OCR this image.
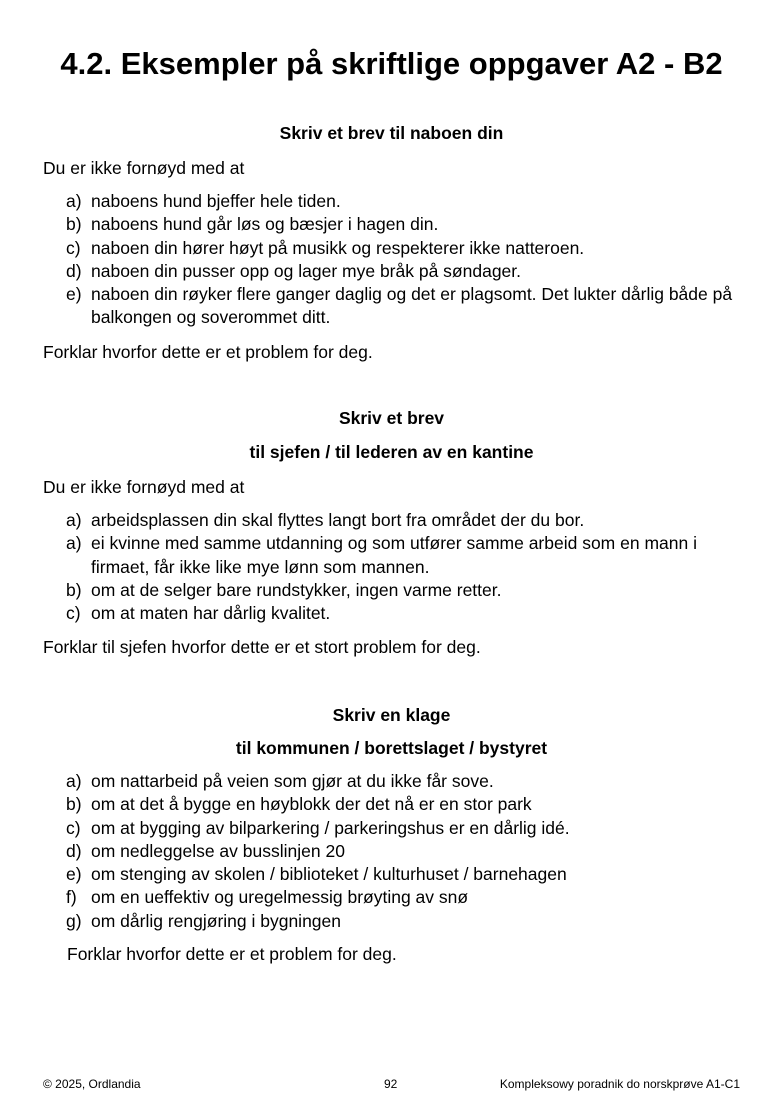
4.2. Eksempler på skriftlige oppgaver A2 - B2
Skriv et brev til naboen din

Du er ikke fornøyd med at

a) naboens hund bjeffer hele tiden.
b) naboens hund går løs og bæsjer i hagen din.
c) naboen din hører høyt på musikk og respekterer ikke natteroen.
d) naboen din pusser opp og lager mye bråk på søndager.
e) naboen din røyker flere ganger daglig og det er plagsomt. Det lukter dårlig både på balkongen og soverommet ditt.

Forklar hvorfor dette er et problem for deg.

Skriv et brev
til sjefen / til lederen av en kantine

Du er ikke fornøyd med at

a) arbeidsplassen din skal flyttes langt bort fra området der du bor.
a) ei kvinne med samme utdanning og som utfører samme arbeid som en mann i firmaet, får ikke like mye lønn som mannen.
b) om at de selger bare rundstykker, ingen varme retter.
c) om at maten har dårlig kvalitet.

Forklar til sjefen hvorfor dette er et stort problem for deg.

Skriv en klage
til kommunen / borettslaget / bystyret
a) om nattarbeid på veien som gjør at du ikke får sove.
b) om at det å bygge en høyblokk der det nå er en stor park
c) om at bygging av bilparkering / parkeringshus er en dårlig idé.
d) om nedleggelse av busslinjen 20
e) om stenging av skolen / biblioteket / kulturhuset / barnehagen
f) om en ueffektiv og uregelmessig brøyting av snø
g) om dårlig rengjøring i bygningen

Forklar hvorfor dette er et problem for deg.

© 2025, Ordlandia	92	Kompleksowy poradnik do norskprøve A1-C1
